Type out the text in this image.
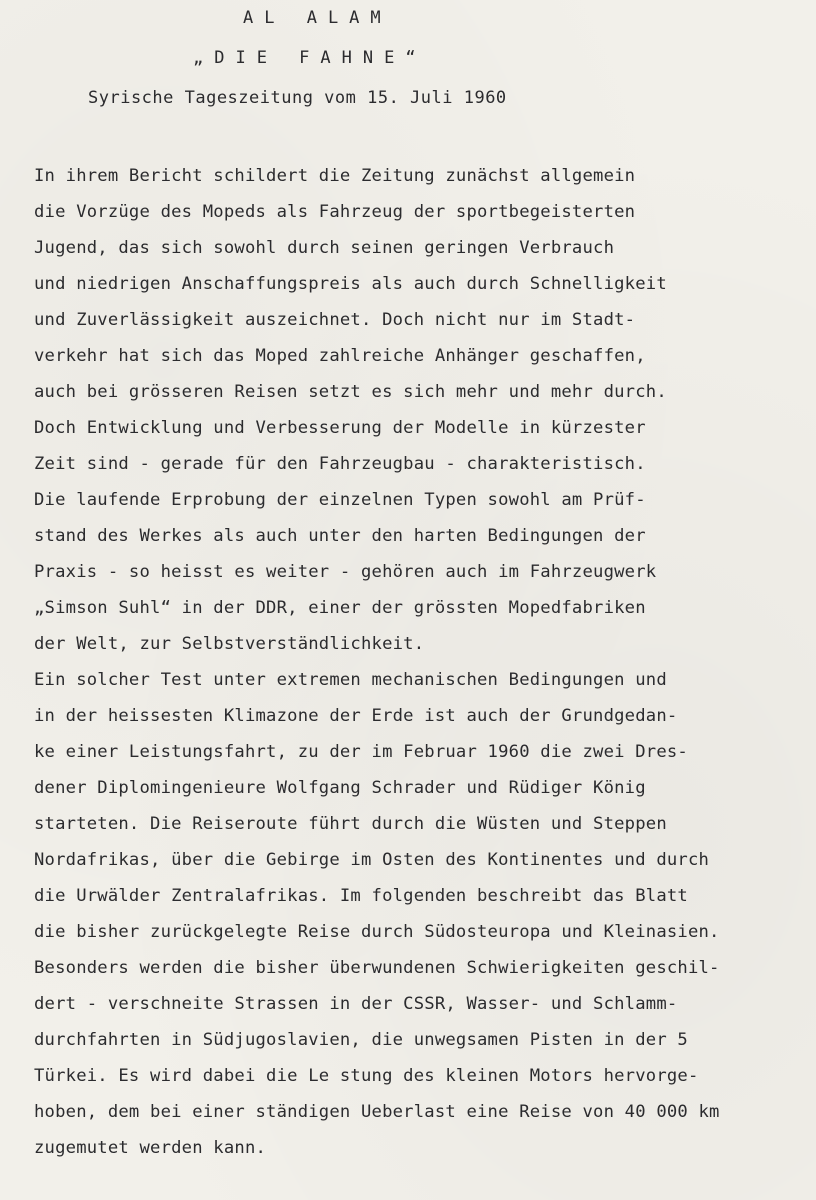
AL ALAM
„DIE FAHNE“
Syrische Tageszeitung vom 15. Juli 1960
In ihrem Bericht schildert die Zeitung zunächst allgemein
die Vorzüge des Mopeds als Fahrzeug der sportbegeisterten
Jugend, das sich sowohl durch seinen geringen Verbrauch
und niedrigen Anschaffungspreis als auch durch Schnelligkeit
und Zuverlässigkeit auszeichnet. Doch nicht nur im Stadt-
verkehr hat sich das Moped zahlreiche Anhänger geschaffen,
auch bei grösseren Reisen setzt es sich mehr und mehr durch.
Doch Entwicklung und Verbesserung der Modelle in kürzester
Zeit sind - gerade für den Fahrzeugbau - charakteristisch.
Die laufende Erprobung der einzelnen Typen sowohl am Prüf-
stand des Werkes als auch unter den harten Bedingungen der
Praxis - so heisst es weiter - gehören auch im Fahrzeugwerk
„Simson Suhl“ in der DDR, einer der grössten Mopedfabriken
der Welt, zur Selbstverständlichkeit.
Ein solcher Test unter extremen mechanischen Bedingungen und
in der heissesten Klimazone der Erde ist auch der Grundgedan-
ke einer Leistungsfahrt, zu der im Februar 1960 die zwei Dres-
dener Diplomingenieure Wolfgang Schrader und Rüdiger König
starteten. Die Reiseroute führt durch die Wüsten und Steppen
Nordafrikas, über die Gebirge im Osten des Kontinentes und durch
die Urwälder Zentralafrikas. Im folgenden beschreibt das Blatt
die bisher zurückgelegte Reise durch Südosteuropa und Kleinasien.
Besonders werden die bisher überwundenen Schwierigkeiten geschil-
dert - verschneite Strassen in der CSSR, Wasser- und Schlamm-
durchfahrten in Südjugoslavien, die unwegsamen Pisten in der 5
Türkei. Es wird dabei die Le stung des kleinen Motors hervorge-
hoben, dem bei einer ständigen Ueberlast eine Reise von 40 000 km
zugemutet werden kann.
